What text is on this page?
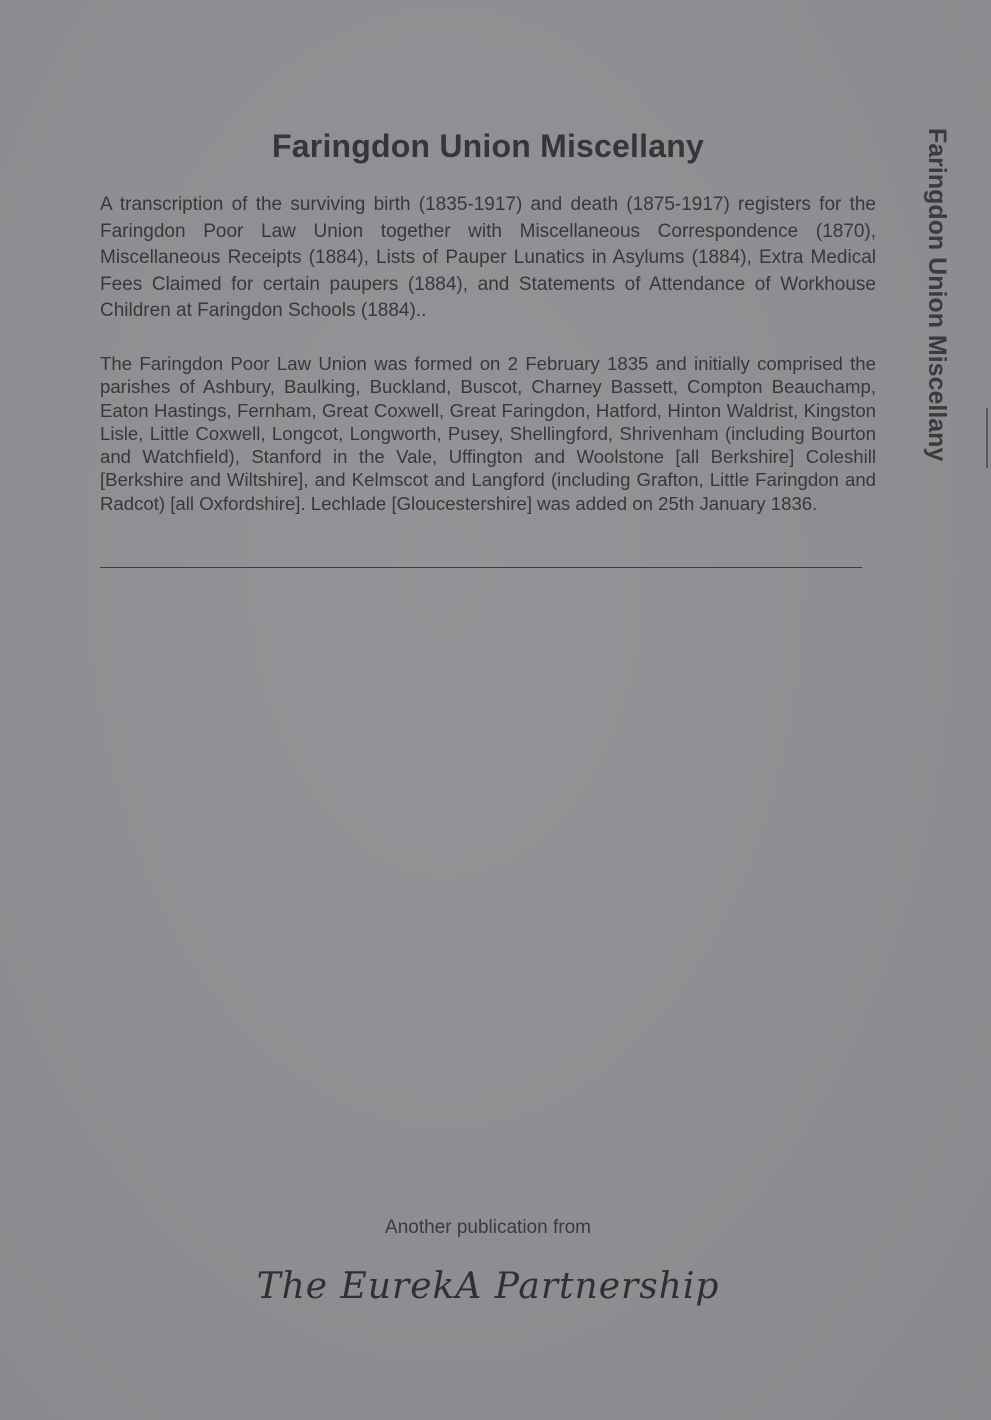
Faringdon Union Miscellany
A transcription of the surviving birth (1835-1917) and death (1875-1917) registers for the Faringdon Poor Law Union together with Miscellaneous Correspondence (1870), Miscellaneous Receipts (1884), Lists of Pauper Lunatics in Asylums (1884), Extra Medical Fees Claimed for certain paupers (1884), and Statements of Attendance of Workhouse Children at Faringdon Schools (1884)..
The Faringdon Poor Law Union was formed on 2 February 1835 and initially comprised the parishes of Ashbury, Baulking, Buckland, Buscot, Charney Bassett, Compton Beauchamp, Eaton Hastings, Fernham, Great Coxwell, Great Faringdon, Hatford, Hinton Waldrist, Kingston Lisle, Little Coxwell, Longcot, Longworth, Pusey, Shellingford, Shrivenham (including Bourton and Watchfield), Stanford in the Vale, Uffington and Woolstone [all Berkshire] Coleshill [Berkshire and Wiltshire], and Kelmscot and Langford (including Grafton, Little Faringdon and Radcot) [all Oxfordshire]. Lechlade [Gloucestershire] was added on 25th January 1836.
Faringdon Union Miscellany
Another publication from
The EurekA Partnership
